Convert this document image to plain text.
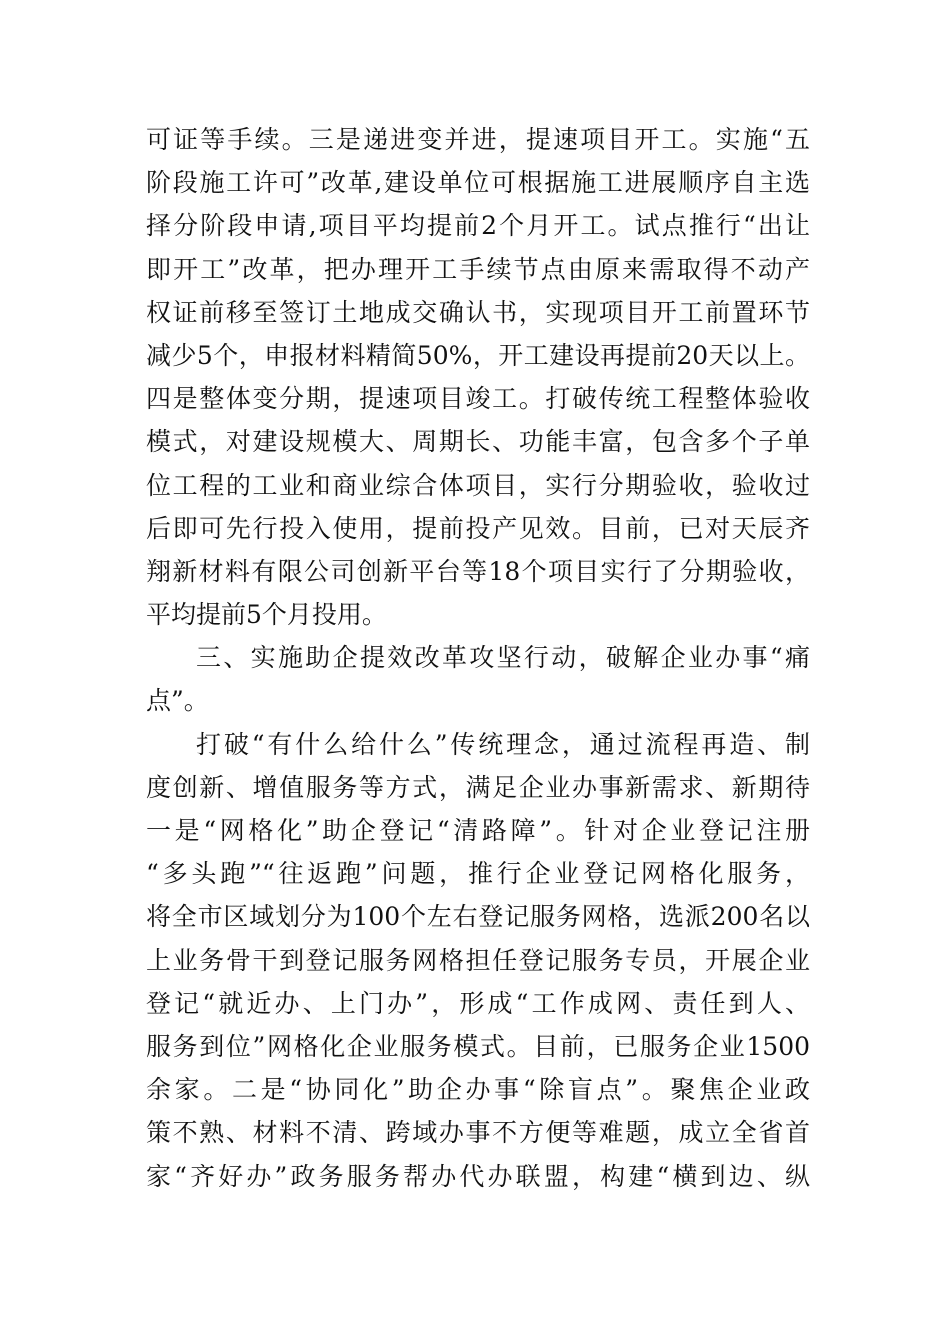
可证等手续。三是递进变并进，提速项目开工。实施“五
阶段施工许可”改革,建设单位可根据施工进展顺序自主选
择分阶段申请,项目平均提前2个月开工。试点推行“出让
即开工”改革，把办理开工手续节点由原来需取得不动产
权证前移至签订土地成交确认书，实现项目开工前置环节
减少5个，申报材料精简50%，开工建设再提前20天以上。
四是整体变分期，提速项目竣工。打破传统工程整体验收
模式，对建设规模大、周期长、功能丰富，包含多个子单
位工程的工业和商业综合体项目，实行分期验收，验收过
后即可先行投入使用，提前投产见效。目前，已对天辰齐
翔新材料有限公司创新平台等18个项目实行了分期验收，
平均提前5个月投用。
三、实施助企提效改革攻坚行动，破解企业办事“痛
点”。
打破“有什么给什么”传统理念，通过流程再造、制
度创新、增值服务等方式，满足企业办事新需求、新期待
一是“网格化”助企登记“清路障”。针对企业登记注册
“多头跑”“往返跑”问题，推行企业登记网格化服务，
将全市区域划分为100个左右登记服务网格，选派200名以
上业务骨干到登记服务网格担任登记服务专员，开展企业
登记“就近办、上门办”，形成“工作成网、责任到人、
服务到位”网格化企业服务模式。目前，已服务企业1500
余家。二是“协同化”助企办事“除盲点”。聚焦企业政
策不熟、材料不清、跨域办事不方便等难题，成立全省首
家“齐好办”政务服务帮办代办联盟，构建“横到边、纵
